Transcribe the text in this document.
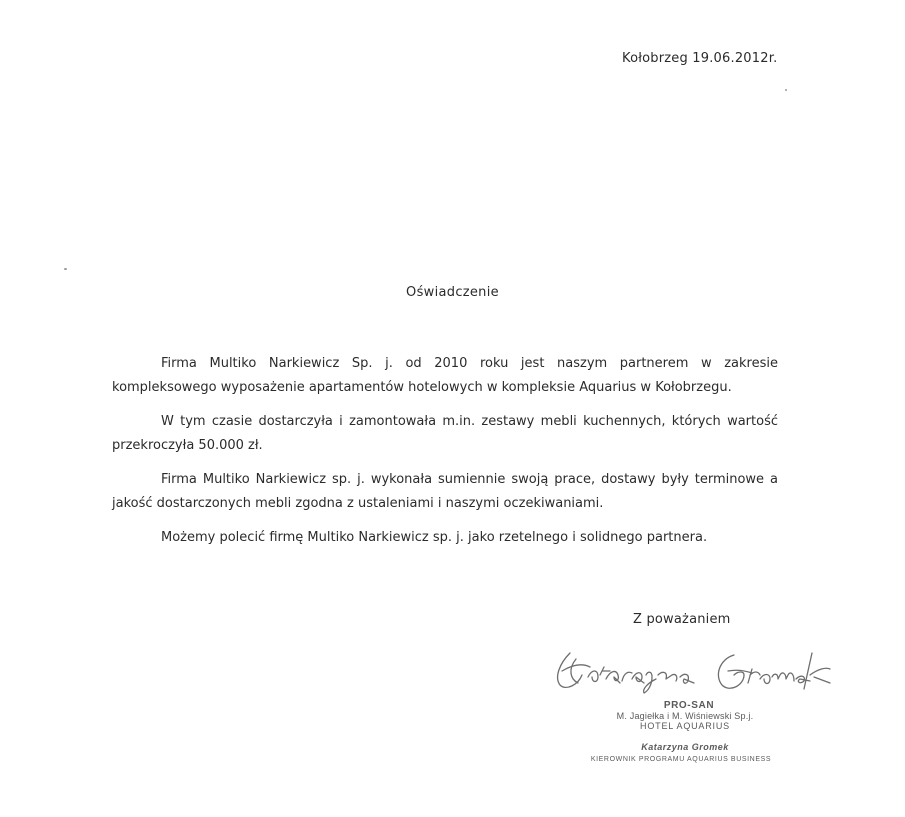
Kołobrzeg 19.06.2012r.
Oświadczenie

Firma Multiko Narkiewicz Sp. j. od 2010 roku jest naszym partnerem w zakresie kompleksowego wyposażenie apartamentów hotelowych w kompleksie Aquarius w Kołobrzegu.

W tym czasie dostarczyła i zamontowała m.in. zestawy mebli kuchennych, których wartość przekroczyła 50.000 zł.

Firma Multiko Narkiewicz sp. j. wykonała sumiennie swoją prace, dostawy były terminowe a jakość dostarczonych mebli zgodna z ustaleniami i naszymi oczekiwaniami.

Możemy polecić firmę Multiko Narkiewicz sp. j. jako rzetelnego i solidnego partnera.

Z poważaniem
PRO-SAN
M. Jagiełka i M. Wiśniewski Sp.j.
HOTEL AQUARIUS
Katarzyna Gromek
KIEROWNIK PROGRAMU AQUARIUS BUSINESS
